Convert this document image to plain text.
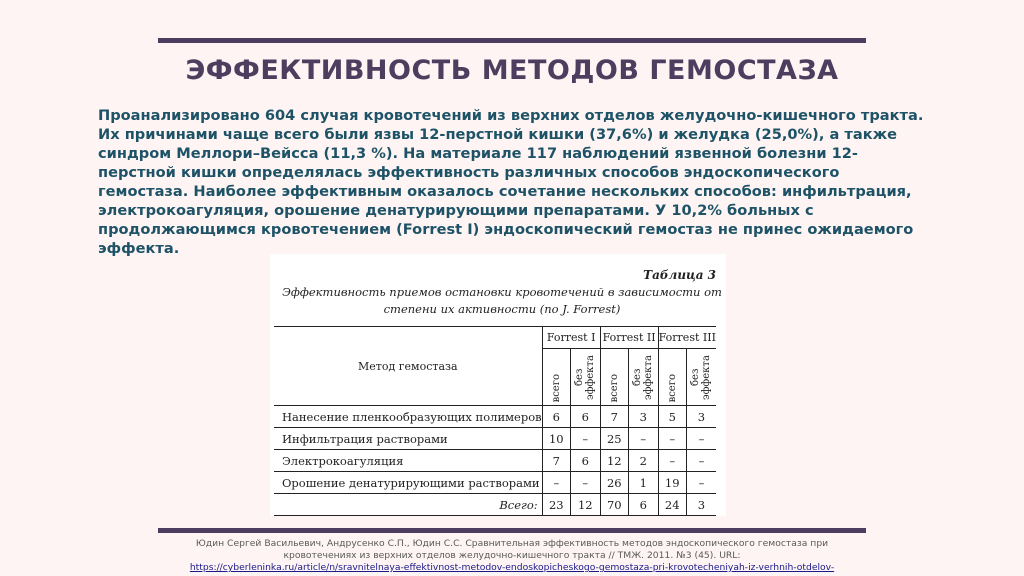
ЭФФЕКТИВНОСТЬ МЕТОДОВ ГЕМОСТАЗА

Проанализировано 604 случая кровотечений из верхних отделов желудочно-кишечного тракта. Их причинами чаще всего были язвы 12-перстной кишки (37,6%) и желудка (25,0%), а также синдром Меллори–Вейсса (11,3 %). На материале 117 наблюдений язвенной болезни 12-перстной кишки определялась эффективность различных способов эндоскопического гемостаза. Наиболее эффективным оказалось сочетание нескольких способов: инфильтрация, электрокоагуляция, орошение денатурирующими препаратами. У 10,2% больных с продолжающимся кровотечением (Forrest I) эндоскопический гемостаз не принес ожидаемого эффекта.

Таблица 3
Эффективность приемов остановки кровотечений в зависимости от степени их активности (по J. Forrest)
Метод гемостаза	Forrest I		Forrest II		Forrest III	
	всего	без эффекта	всего	без эффекта	всего	без эффекта
Нанесение пленкообразующих полимеров	6	6	7	3	5	3
Инфильтрация растворами	10	–	25	–	–	–
Электрокоагуляция	7	6	12	2	–	–
Орошение денатурирующими растворами	–	–	26	1	19	–
Всего:	23	12	70	6	24	3
Юдин Сергей Васильевич, Андрусенко С.П., Юдин С.С. Сравнительная эффективность методов эндоскопического гемостаза при кровотечениях из верхних отделов желудочно-кишечного тракта // ТМЖ. 2011. №3 (45). URL:
https://cyberleninka.ru/article/n/sravnitelnaya-effektivnost-metodov-endoskopicheskogo-gemostaza-pri-krovotecheniyah-iz-verhnih-otdelov-
